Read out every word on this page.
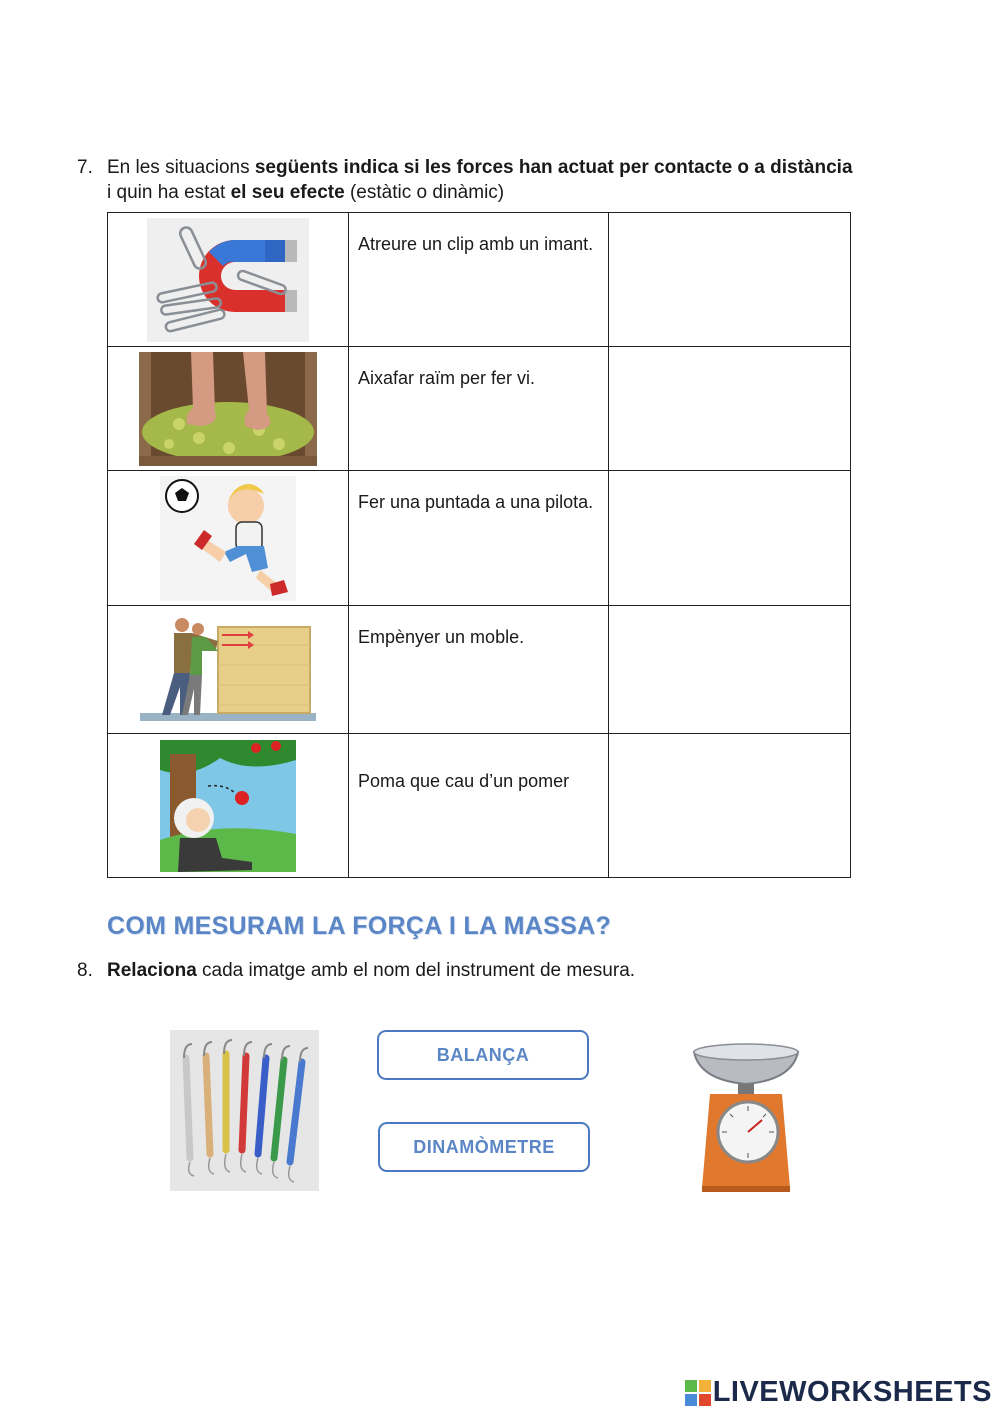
7. En les situacions següents indica si les forces han actuat per contacte o a distància
i quin ha estat el seu efecte (estàtic o dinàmic)
	Atreure un clip amb un imant.	
	Aixafar raïm per fer vi.	
	Fer una puntada a una pilota.	
	Empènyer un moble.	
	Poma que cau d’un pomer	
COM MESURAM LA FORÇA I LA MASSA?
8. Relaciona cada imatge amb el nom del instrument de mesura.
BALANÇA
DINAMÒMETRE
LIVEWORKSHEETS
